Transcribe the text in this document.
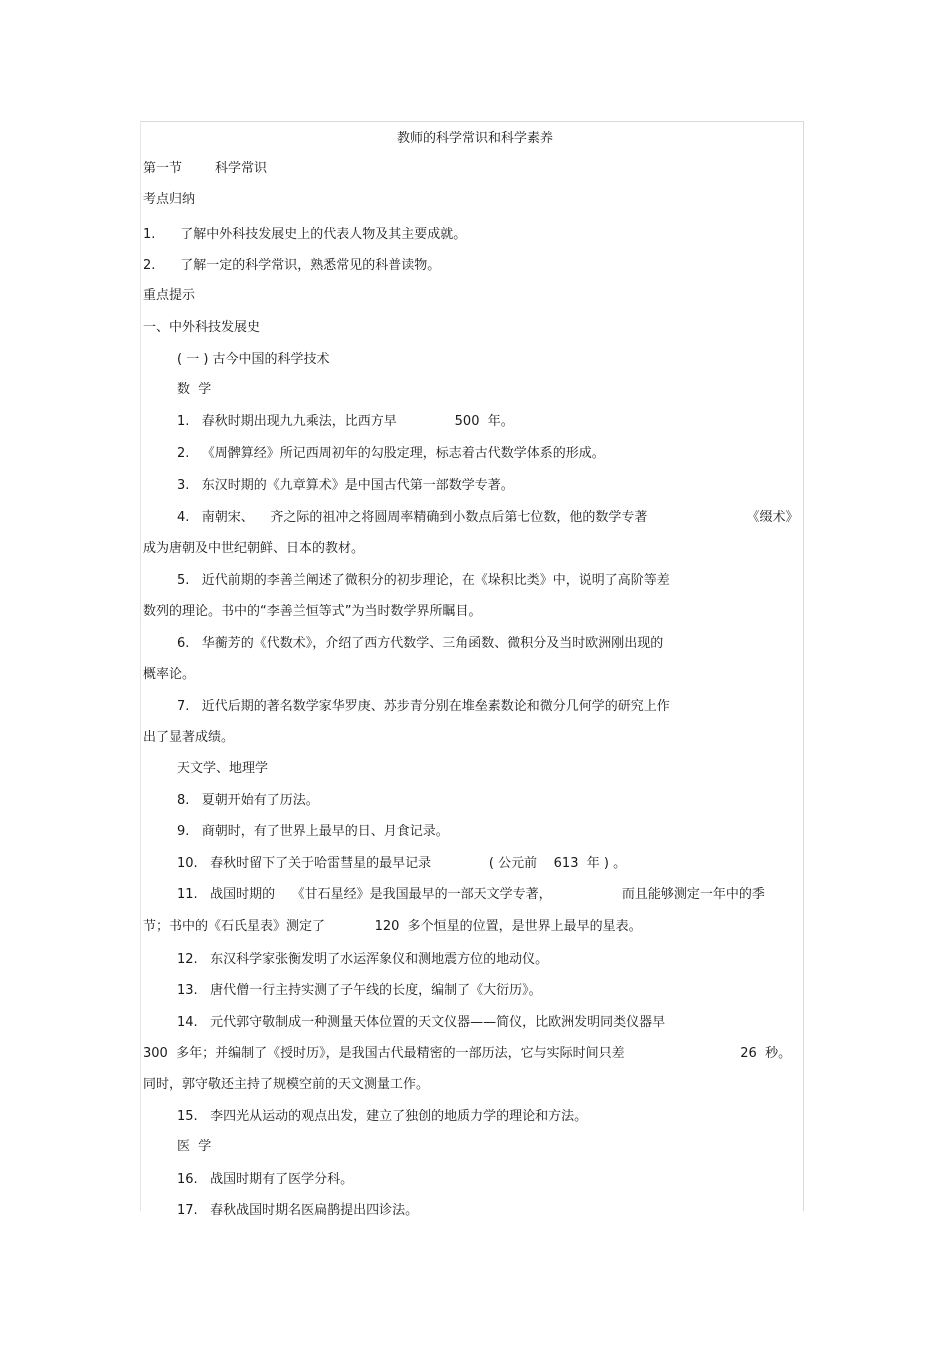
教师的科学常识和科学素养
第一节        科学常识
考点归纳
1.      了解中外科技发展史上的代表人物及其主要成就。
2.      了解一定的科学常识，熟悉常见的科普读物。
重点提示
一、中外科技发展史
( 一 ) 古今中国的科学技术
数  学
1.   春秋时期出现九九乘法，比西方早              500  年。
2.   《周髀算经》所记西周初年的勾股定理，标志着古代数学体系的形成。
3.   东汉时期的《九章算术》是中国古代第一部数学专著。
4.   南朝宋、    齐之际的祖冲之将圆周率精确到小数点后第七位数，他的数学专著                        《缀术》
成为唐朝及中世纪朝鲜、日本的教材。
5.   近代前期的李善兰阐述了微积分的初步理论，在《垛积比类》中，说明了高阶等差
数列的理论。书中的“李善兰恒等式”为当时数学界所瞩目。
6.   华蘅芳的《代数术》，介绍了西方代数学、三角函数、微积分及当时欧洲刚出现的
概率论。
7.   近代后期的著名数学家华罗庚、苏步青分别在堆垒素数论和微分几何学的研究上作
出了显著成绩。
天文学、地理学
8.   夏朝开始有了历法。
9.   商朝时，有了世界上最早的日、月食记录。
10.   春秋时留下了关于哈雷彗星的最早记录              ( 公元前    613  年 ) 。
11.   战国时期的    《甘石星经》是我国最早的一部天文学专著，                 而且能够测定一年中的季
节；书中的《石氏星表》测定了            120  多个恒星的位置，是世界上最早的星表。
12.   东汉科学家张衡发明了水运浑象仪和测地震方位的地动仪。
13.   唐代僧一行主持实测了子午线的长度，编制了《大衍历》。
14.   元代郭守敬制成一种测量天体位置的天文仪器——简仪，比欧洲发明同类仪器早
300  多年；并编制了《授时历》，是我国古代最精密的一部历法，它与实际时间只差                            26  秒。
同时，郭守敬还主持了规模空前的天文测量工作。
15.   李四光从运动的观点出发，建立了独创的地质力学的理论和方法。
医  学
16.   战国时期有了医学分科。
17.   春秋战国时期名医扁鹊提出四诊法。
